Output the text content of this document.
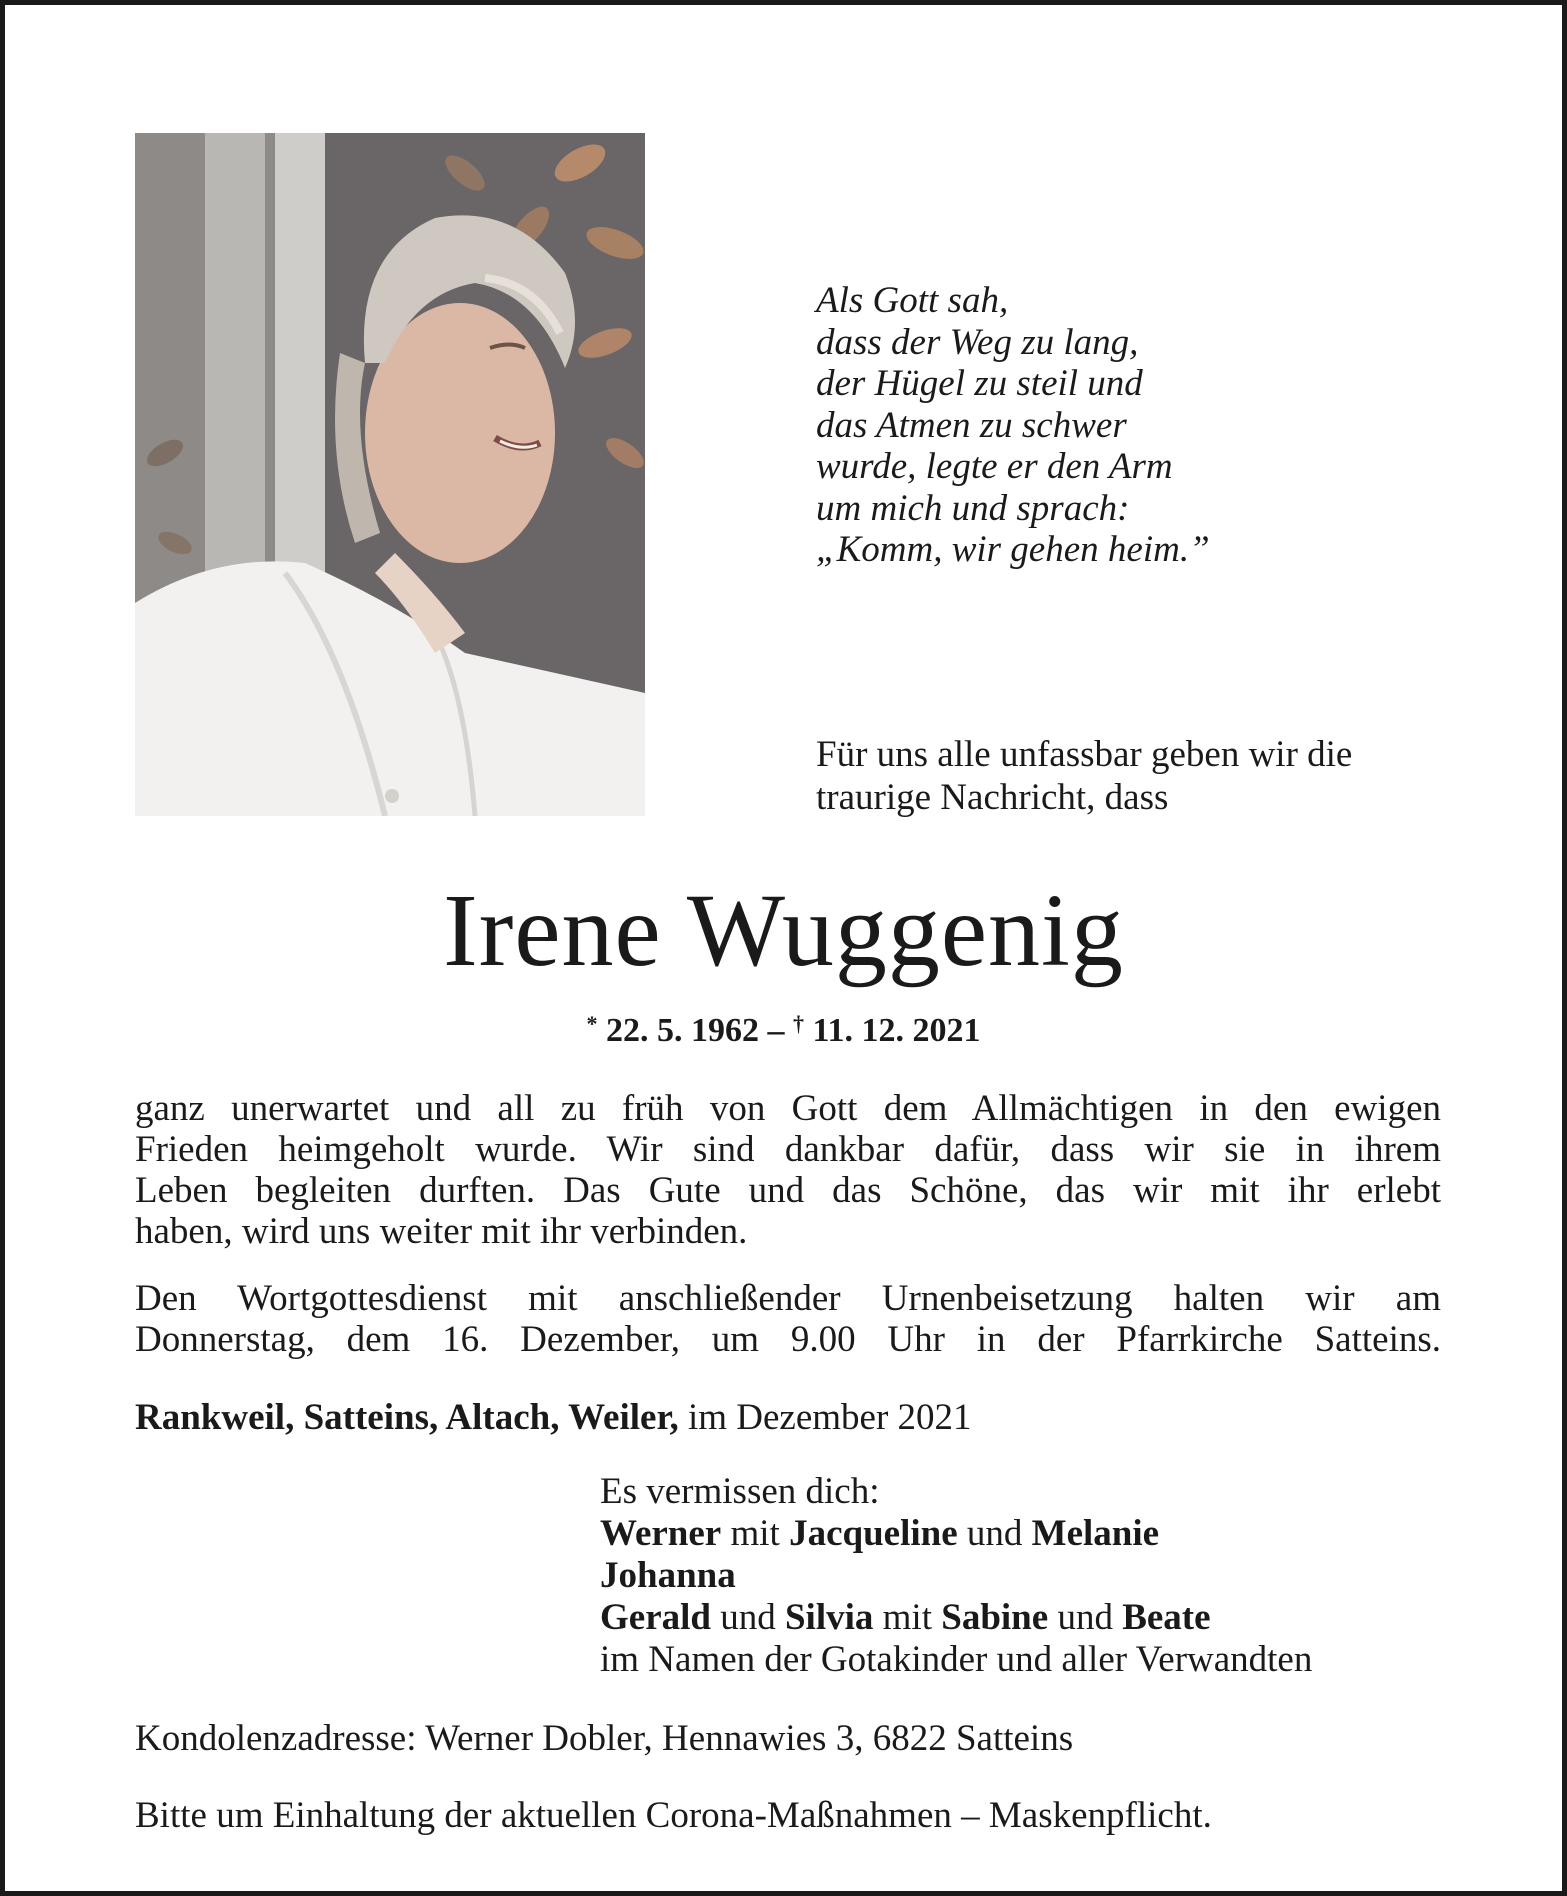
Als Gott sah,
dass der Weg zu lang,
der Hügel zu steil und
das Atmen zu schwer
wurde, legte er den Arm
um mich und sprach:
„Komm, wir gehen heim.”
Für uns alle unfassbar geben wir die
traurige Nachricht, dass
Irene Wuggenig
* 22. 5. 1962 – † 11. 12. 2021
ganz unerwartet und all zu früh von Gott dem Allmächtigen in den ewigen
Frieden heimgeholt wurde. Wir sind dankbar dafür, dass wir sie in ihrem
Leben begleiten durften. Das Gute und das Schöne, das wir mit ihr erlebt
haben, wird uns weiter mit ihr verbinden.
Den Wortgottesdienst mit anschließender Urnenbeisetzung halten wir am
Donnerstag, dem 16. Dezember, um 9.00 Uhr in der Pfarrkirche Satteins.
Rankweil, Satteins, Altach, Weiler, im Dezember 2021
Es vermissen dich:
Werner mit Jacqueline und Melanie
Johanna
Gerald und Silvia mit Sabine und Beate
im Namen der Gotakinder und aller Verwandten
Kondolenzadresse: Werner Dobler, Hennawies 3, 6822 Satteins
Bitte um Einhaltung der aktuellen Corona-Maßnahmen – Maskenpflicht.
